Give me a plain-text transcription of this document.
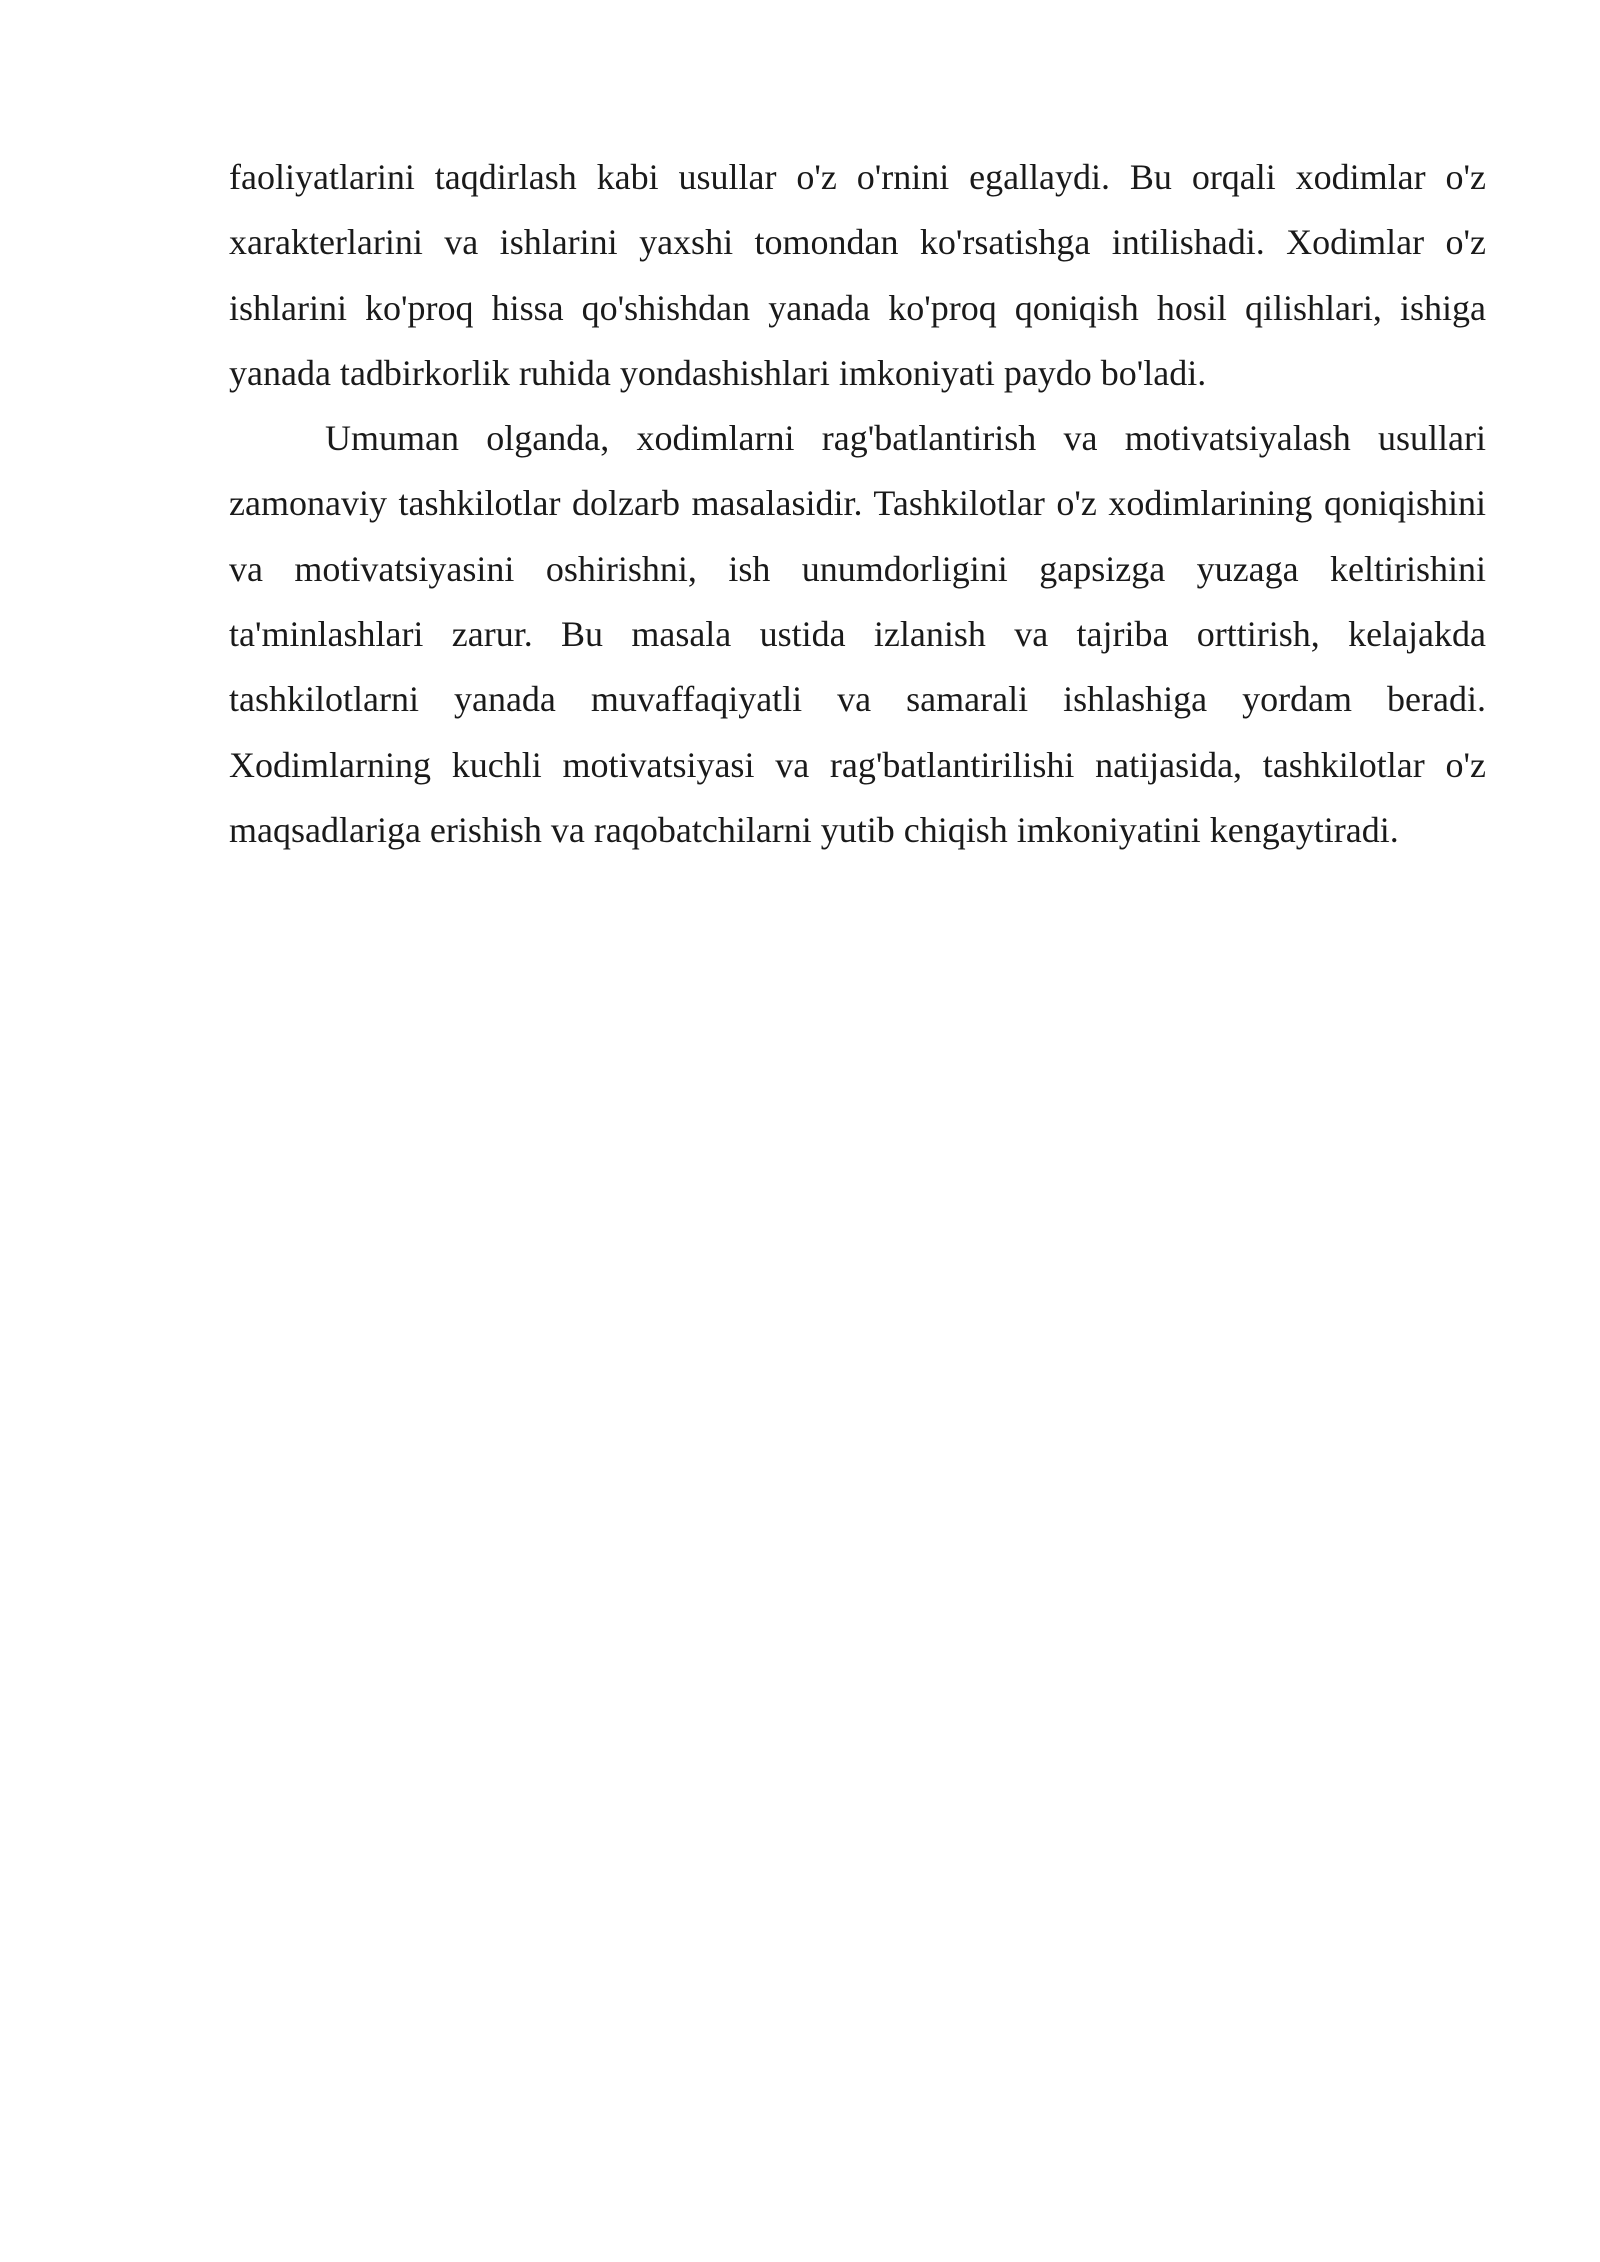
faoliyatlarini taqdirlash kabi usullar o'z o'rnini egallaydi. Bu orqali xodimlar o'z xarakterlarini va ishlarini yaxshi tomondan ko'rsatishga intilishadi. Xodimlar o'z ishlarini ko'proq hissa qo'shishdan yanada ko'proq qoniqish hosil qilishlari, ishiga yanada tadbirkorlik ruhida yondashishlari imkoniyati paydo bo'ladi.

Umuman olganda, xodimlarni rag'batlantirish va motivatsiyalash usullari zamonaviy tashkilotlar dolzarb masalasidir. Tashkilotlar o'z xodimlarining qoniqishini va motivatsiyasini oshirishni, ish unumdorligini gapsizga yuzaga keltirishini ta'minlashlari zarur. Bu masala ustida izlanish va tajriba orttirish, kelajakda tashkilotlarni yanada muvaffaqiyatli va samarali ishlashiga yordam beradi. Xodimlarning kuchli motivatsiyasi va rag'batlantirilishi natijasida, tashkilotlar o'z maqsadlariga erishish va raqobatchilarni yutib chiqish imkoniyatini kengaytiradi.
